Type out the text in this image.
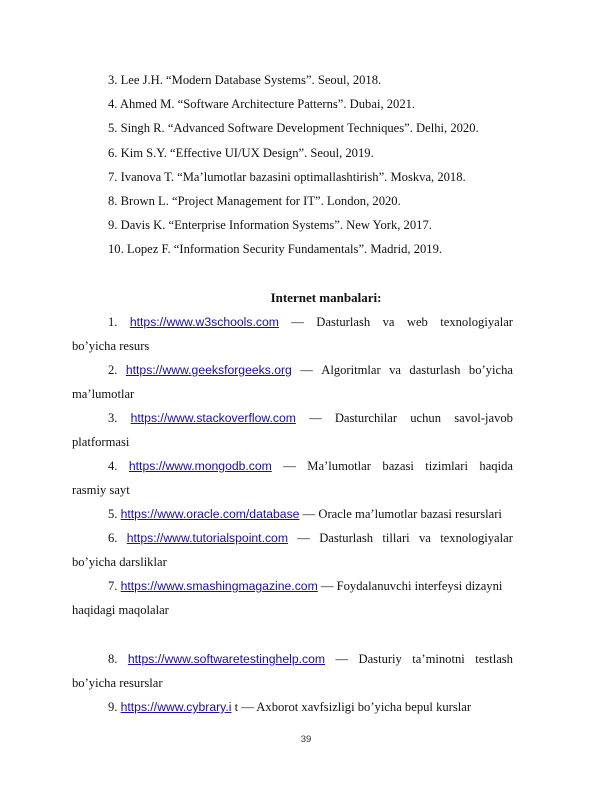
3. Lee J.H. “Modern Database Systems”. Seoul, 2018.
4. Ahmed M. “Software Architecture Patterns”. Dubai, 2021.
5. Singh R. “Advanced Software Development Techniques”. Delhi, 2020.
6. Kim S.Y. “Effective UI/UX Design”. Seoul, 2019.
7. Ivanova T. “Ma’lumotlar bazasini optimallashtirish”. Moskva, 2018.
8. Brown L. “Project Management for IT”. London, 2020.
9. Davis K. “Enterprise Information Systems”. New York, 2017.
10. Lopez F. “Information Security Fundamentals”. Madrid, 2019.
Internet manbalari:
1. https://www.w3schools.com — Dasturlash va web texnologiyalar
bo’yicha resurs
2. https://www.geeksforgeeks.org — Algoritmlar va dasturlash bo’yicha
ma’lumotlar
3. https://www.stackoverflow.com — Dasturchilar uchun savol-javob
platformasi
4. https://www.mongodb.com — Ma’lumotlar bazasi tizimlari haqida
rasmiy sayt
5. https://www.oracle.com/database — Oracle ma’lumotlar bazasi resurslari
6. https://www.tutorialspoint.com — Dasturlash tillari va texnologiyalar
bo’yicha darsliklar
7. https://www.smashingmagazine.com — Foydalanuvchi interfeysi dizayni
haqidagi maqolalar
8. https://www.softwaretestinghelp.com — Dasturiy ta’minotni testlash
bo’yicha resurslar
9. https://www.cybrary.i t — Axborot xavfsizligi bo’yicha bepul kurslar
39
